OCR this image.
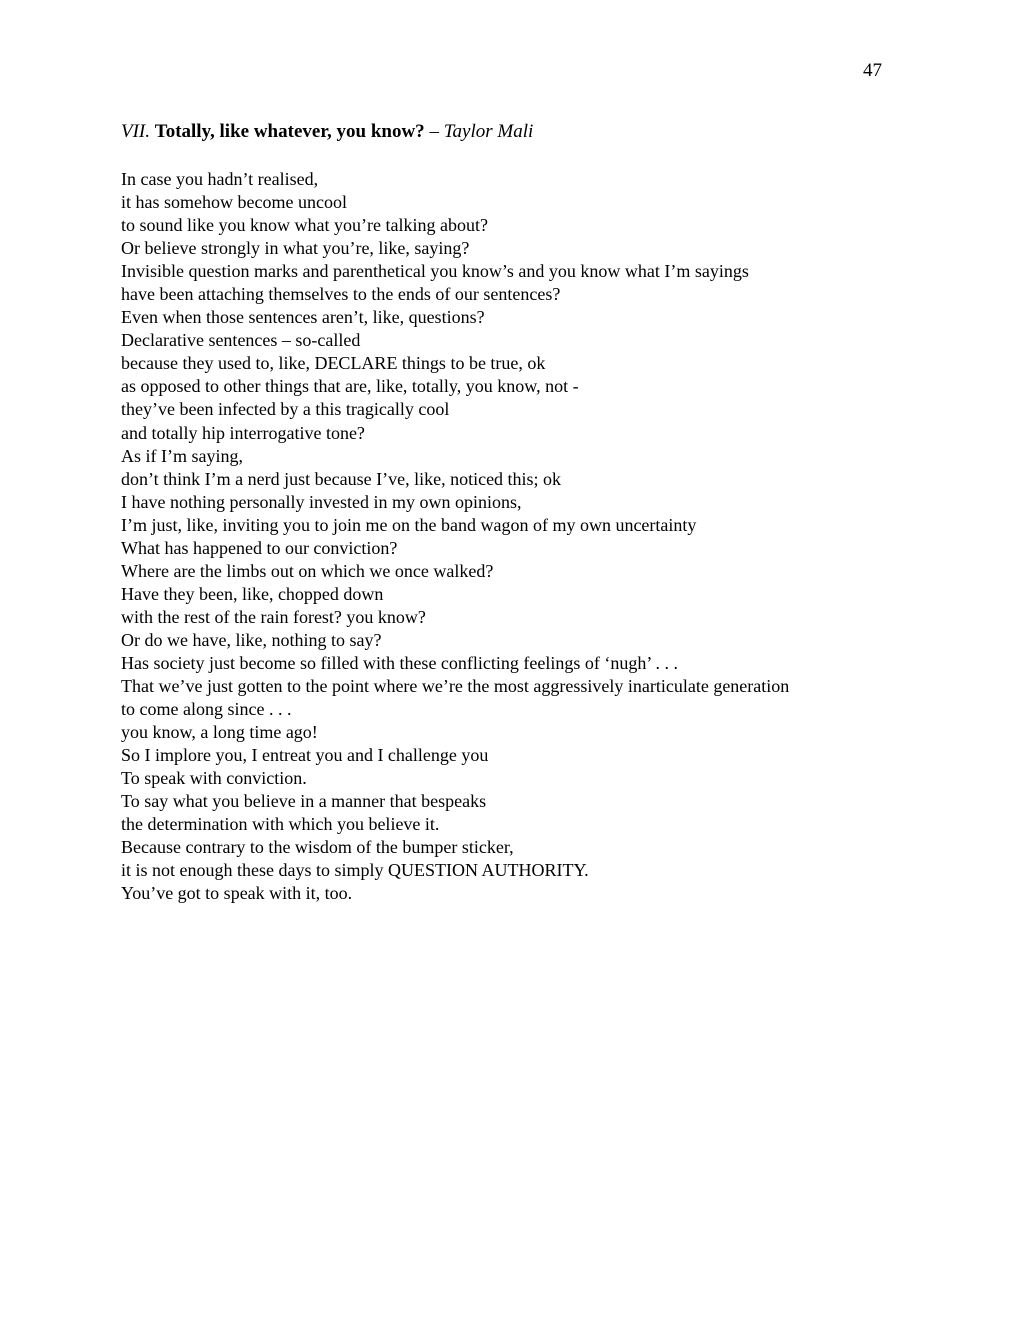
47
VII. Totally, like whatever, you know? – Taylor Mali
In case you hadn’t realised,
it has somehow become uncool
to sound like you know what you’re talking about?
Or believe strongly in what you’re, like, saying?
Invisible question marks and parenthetical you know’s and you know what I’m sayings
have been attaching themselves to the ends of our sentences?
Even when those sentences aren’t, like, questions?
Declarative sentences – so-called
because they used to, like, DECLARE things to be true, ok
as opposed to other things that are, like, totally, you know, not -
they’ve been infected by a this tragically cool
and totally hip interrogative tone?
As if I’m saying,
don’t think I’m a nerd just because I’ve, like, noticed this; ok
I have nothing personally invested in my own opinions,
I’m just, like, inviting you to join me on the band wagon of my own uncertainty
What has happened to our conviction?
Where are the limbs out on which we once walked?
Have they been, like, chopped down
with the rest of the rain forest? you know?
Or do we have, like, nothing to say?
Has society just become so filled with these conflicting feelings of ‘nugh’ . . .
That we’ve just gotten to the point where we’re the most aggressively inarticulate generation
to come along since . . .
you know, a long time ago!
So I implore you, I entreat you and I challenge you
To speak with conviction.
To say what you believe in a manner that bespeaks
the determination with which you believe it.
Because contrary to the wisdom of the bumper sticker,
it is not enough these days to simply QUESTION AUTHORITY.
You’ve got to speak with it, too.
